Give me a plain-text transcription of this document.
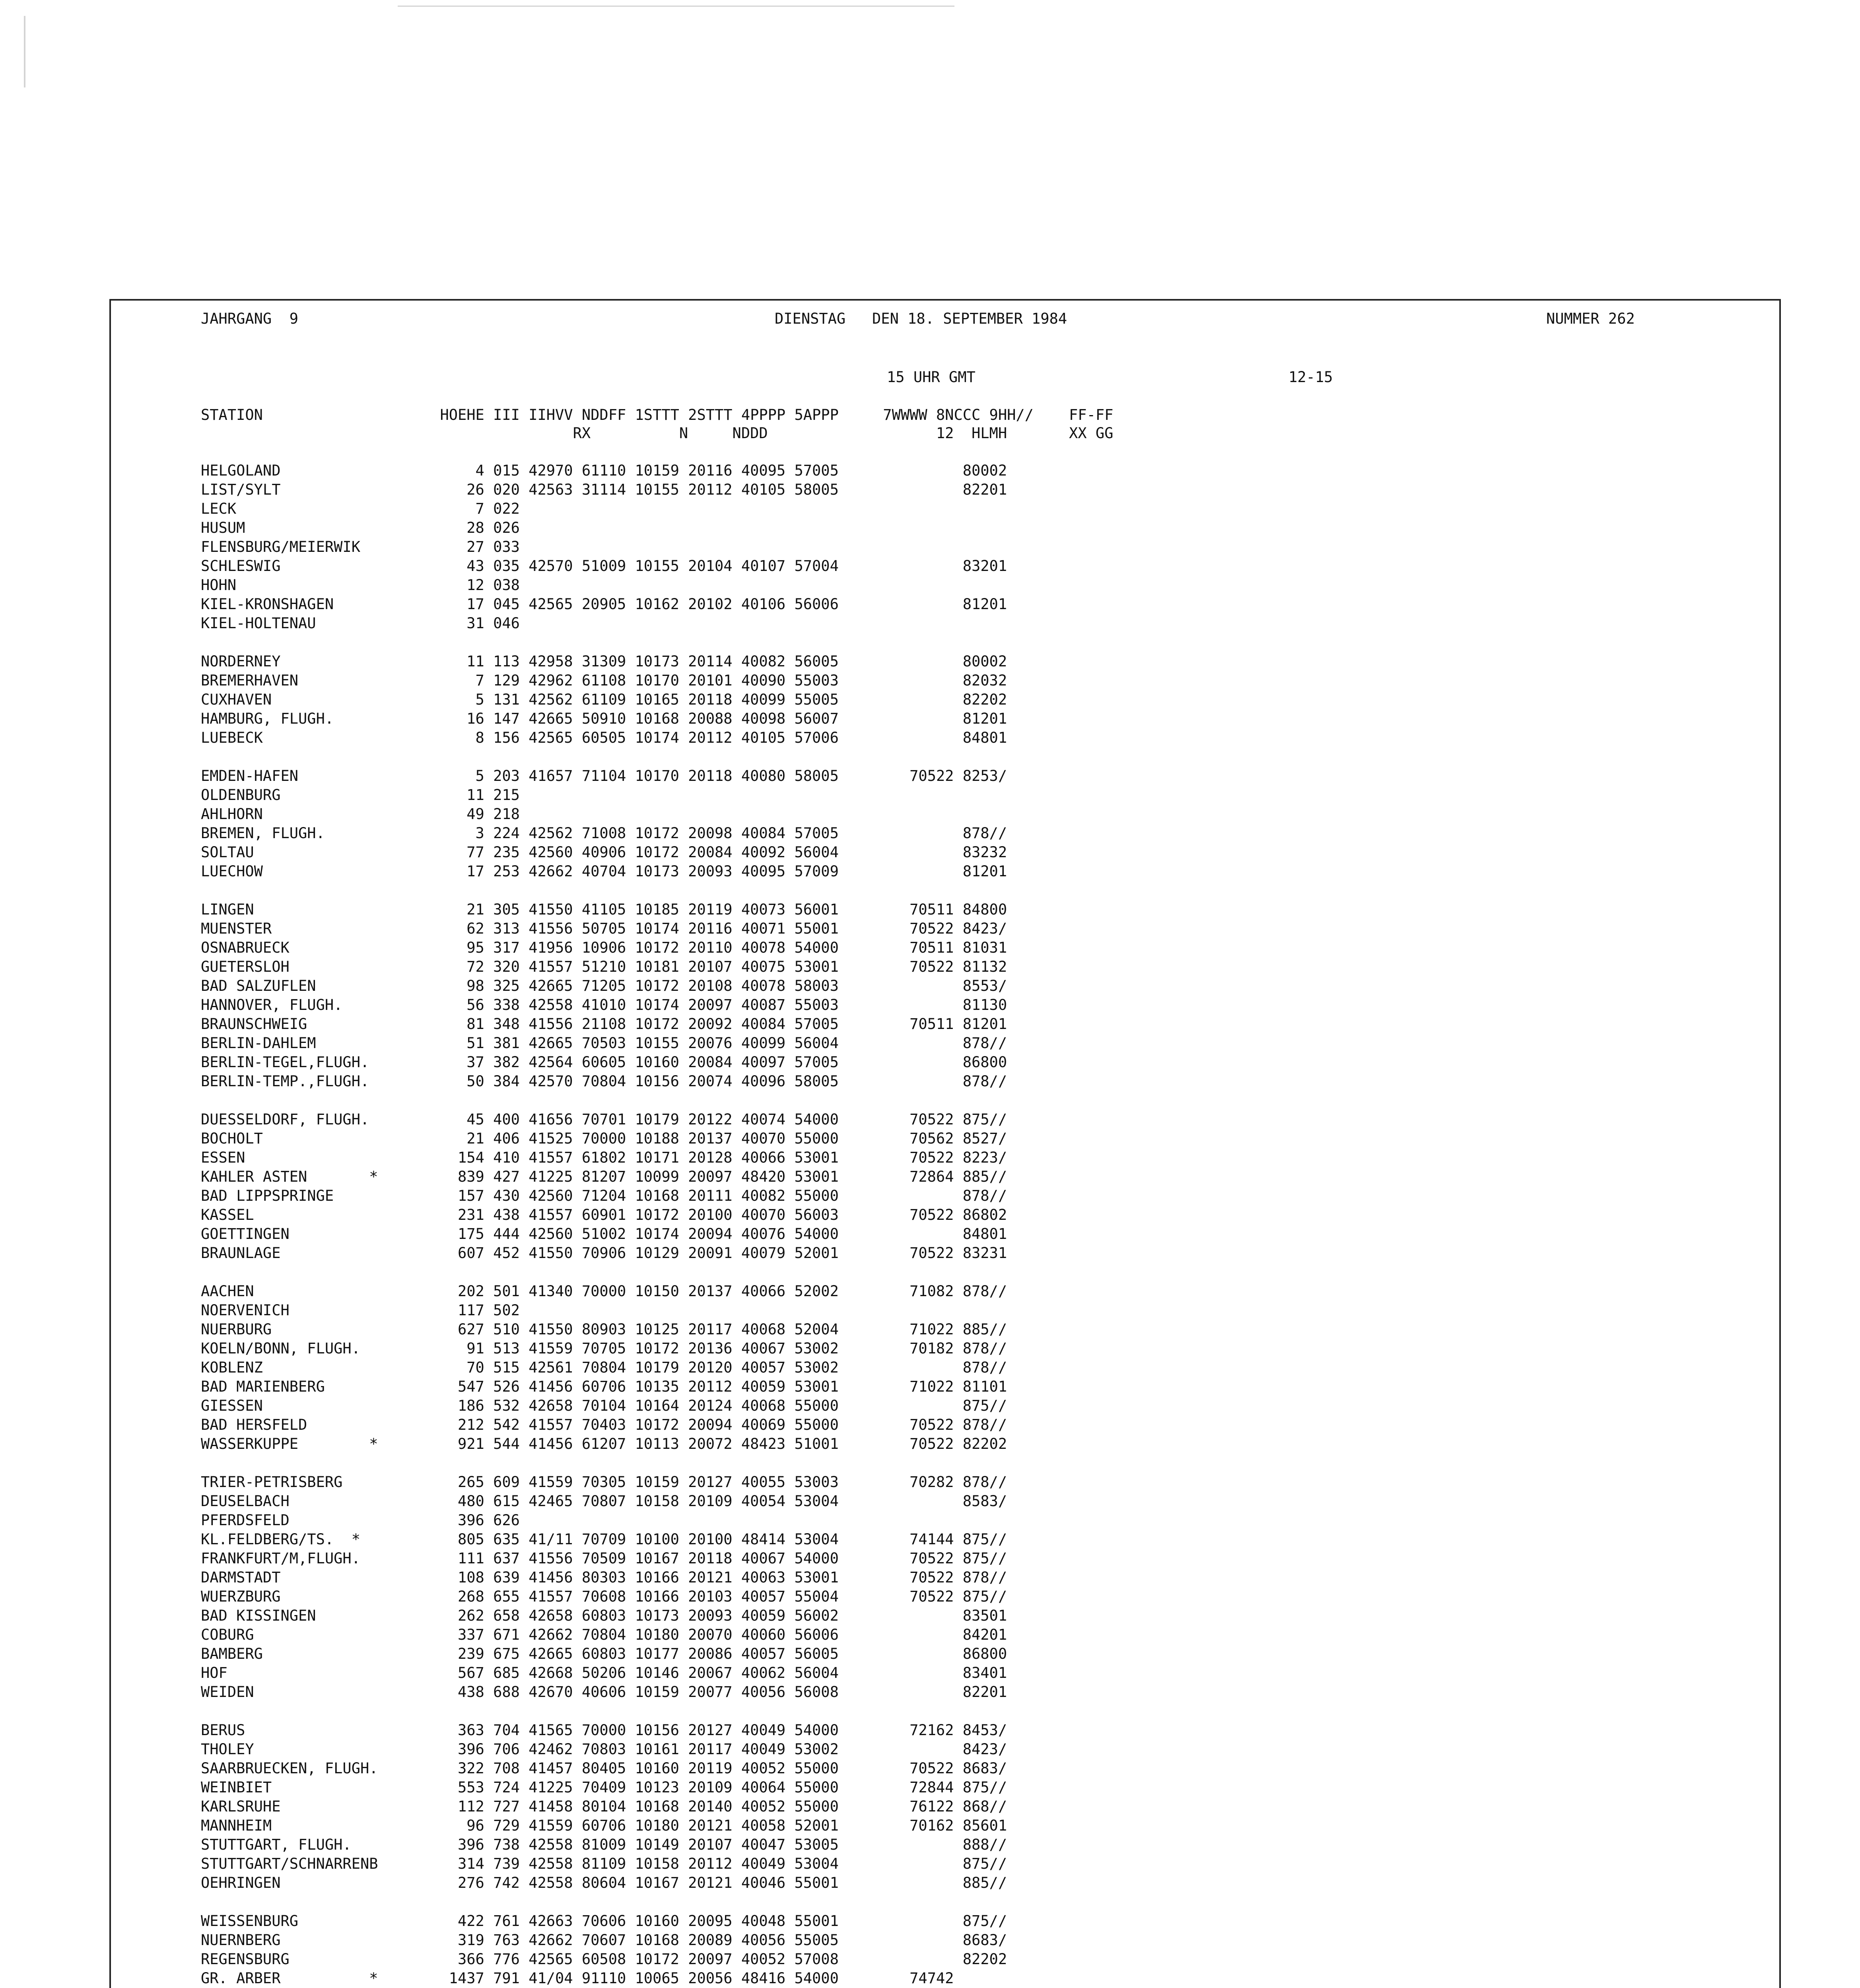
JAHRGANG  9	DIENSTAG   DEN 18. SEPTEMBER 1984	NUMMER 262
15 UHR GMT	12-15
STATION                    HOEHE III IIHVV NDDFF 1STTT 2STTT 4PPPP 5APPP     7WWWW 8NCCC 9HH//    FF-FF
RX          N     NDDD                   12  HLMH       XX GG
HELGOLAND                      4 015 42970 61110 10159 20116 40095 57005              80002
LIST/SYLT                     26 020 42563 31114 10155 20112 40105 58005              82201
LECK                           7 022
HUSUM                         28 026
FLENSBURG/MEIERWIK            27 033
SCHLESWIG                     43 035 42570 51009 10155 20104 40107 57004              83201
HOHN                          12 038
KIEL-KRONSHAGEN               17 045 42565 20905 10162 20102 40106 56006              81201
KIEL-HOLTENAU                 31 046
NORDERNEY                     11 113 42958 31309 10173 20114 40082 56005              80002
BREMERHAVEN                    7 129 42962 61108 10170 20101 40090 55003              82032
CUXHAVEN                       5 131 42562 61109 10165 20118 40099 55005              82202
HAMBURG, FLUGH.               16 147 42665 50910 10168 20088 40098 56007              81201
LUEBECK                        8 156 42565 60505 10174 20112 40105 57006              84801
EMDEN-HAFEN                    5 203 41657 71104 10170 20118 40080 58005        70522 8253/
OLDENBURG                     11 215
AHLHORN                       49 218
BREMEN, FLUGH.                 3 224 42562 71008 10172 20098 40084 57005              878//
SOLTAU                        77 235 42560 40906 10172 20084 40092 56004              83232
LUECHOW                       17 253 42662 40704 10173 20093 40095 57009              81201
LINGEN                        21 305 41550 41105 10185 20119 40073 56001        70511 84800
MUENSTER                      62 313 41556 50705 10174 20116 40071 55001        70522 8423/
OSNABRUECK                    95 317 41956 10906 10172 20110 40078 54000        70511 81031
GUETERSLOH                    72 320 41557 51210 10181 20107 40075 53001        70522 81132
BAD SALZUFLEN                 98 325 42665 71205 10172 20108 40078 58003              8553/
HANNOVER, FLUGH.              56 338 42558 41010 10174 20097 40087 55003              81130
BRAUNSCHWEIG                  81 348 41556 21108 10172 20092 40084 57005        70511 81201
BERLIN-DAHLEM                 51 381 42665 70503 10155 20076 40099 56004              878//
BERLIN-TEGEL,FLUGH.           37 382 42564 60605 10160 20084 40097 57005              86800
BERLIN-TEMP.,FLUGH.           50 384 42570 70804 10156 20074 40096 58005              878//
DUESSELDORF, FLUGH.           45 400 41656 70701 10179 20122 40074 54000        70522 875//
BOCHOLT                       21 406 41525 70000 10188 20137 40070 55000        70562 8527/
ESSEN                        154 410 41557 61802 10171 20128 40066 53001        70522 8223/
KAHLER ASTEN       *         839 427 41225 81207 10099 20097 48420 53001        72864 885//
BAD LIPPSPRINGE              157 430 42560 71204 10168 20111 40082 55000              878//
KASSEL                       231 438 41557 60901 10172 20100 40070 56003        70522 86802
GOETTINGEN                   175 444 42560 51002 10174 20094 40076 54000              84801
BRAUNLAGE                    607 452 41550 70906 10129 20091 40079 52001        70522 83231
AACHEN                       202 501 41340 70000 10150 20137 40066 52002        71082 878//
NOERVENICH                   117 502
NUERBURG                     627 510 41550 80903 10125 20117 40068 52004        71022 885//
KOELN/BONN, FLUGH.            91 513 41559 70705 10172 20136 40067 53002        70182 878//
KOBLENZ                       70 515 42561 70804 10179 20120 40057 53002              878//
BAD MARIENBERG               547 526 41456 60706 10135 20112 40059 53001        71022 81101
GIESSEN                      186 532 42658 70104 10164 20124 40068 55000              875//
BAD HERSFELD                 212 542 41557 70403 10172 20094 40069 55000        70522 878//
WASSERKUPPE        *         921 544 41456 61207 10113 20072 48423 51001        70522 82202
TRIER-PETRISBERG             265 609 41559 70305 10159 20127 40055 53003        70282 878//
DEUSELBACH                   480 615 42465 70807 10158 20109 40054 53004              8583/
PFERDSFELD                   396 626
KL.FELDBERG/TS.  *           805 635 41/11 70709 10100 20100 48414 53004        74144 875//
FRANKFURT/M,FLUGH.           111 637 41556 70509 10167 20118 40067 54000        70522 875//
DARMSTADT                    108 639 41456 80303 10166 20121 40063 53001        70522 878//
WUERZBURG                    268 655 41557 70608 10166 20103 40057 55004        70522 875//
BAD KISSINGEN                262 658 42658 60803 10173 20093 40059 56002              83501
COBURG                       337 671 42662 70804 10180 20070 40060 56006              84201
BAMBERG                      239 675 42665 60803 10177 20086 40057 56005              86800
HOF                          567 685 42668 50206 10146 20067 40062 56004              83401
WEIDEN                       438 688 42670 40606 10159 20077 40056 56008              82201
BERUS                        363 704 41565 70000 10156 20127 40049 54000        72162 8453/
THOLEY                       396 706 42462 70803 10161 20117 40049 53002              8423/
SAARBRUECKEN, FLUGH.         322 708 41457 80405 10160 20119 40052 55000        70522 8683/
WEINBIET                     553 724 41225 70409 10123 20109 40064 55000        72844 875//
KARLSRUHE                    112 727 41458 80104 10168 20140 40052 55000        76122 868//
MANNHEIM                      96 729 41559 60706 10180 20121 40058 52001        70162 85601
STUTTGART, FLUGH.            396 738 42558 81009 10149 20107 40047 53005              888//
STUTTGART/SCHNARRENB         314 739 42558 81109 10158 20112 40049 53004              875//
OEHRINGEN                    276 742 42558 80604 10167 20121 40046 55001              885//
WEISSENBURG                  422 761 42663 70606 10160 20095 40048 55001              875//
NUERNBERG                    319 763 42662 70607 10168 20089 40056 55005              8683/
REGENSBURG                   366 776 42565 60508 10172 20097 40052 57008              82202
GR. ARBER          *        1437 791 41/04 91110 10065 20056 48416 54000        74742
